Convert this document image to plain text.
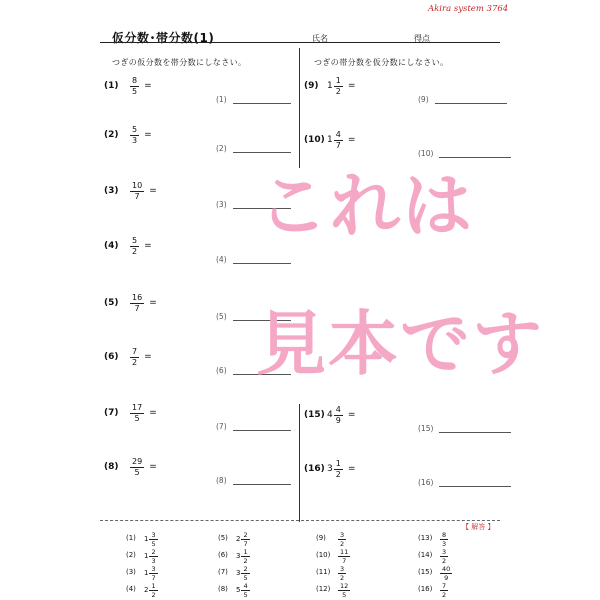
Akira system 3764
仮分数･帯分数(1)	氏名	得点
つぎの仮分数を帯分数にしなさい。	つぎの帯分数を仮分数にしなさい。
$(1) \frac{8}{5}$ =
(1)
$(2) \frac{5}{3}$ =
(2)
$(3) \frac{10}{7}$ =
(3)
$(4) \frac{5}{2}$ =
(4)
$(5) \frac{16}{7}$ =
(5)
$(6) \frac{7}{2}$ =
(6)
$(7) \frac{17}{5}$ =
(7)
$(8) \frac{29}{5}$ =
(8)
(9) $1 \frac{1}{2}$ =
(9)
(10) $1 \frac{4}{7}$ =
(10)
(15) $4 \frac{4}{9}$ =
(15)
(16) $3 \frac{1}{2}$ =
(16)
これは
見本です
【 解答 】
(1) $1 \frac{3}{5}$
(2) $1 \frac{2}{3}$
(3) $1 \frac{3}{7}$
(4) $2 \frac{1}{2}$
(5) $2 \frac{2}{7}$
(6) $3 \frac{1}{2}$
(7) $3 \frac{2}{5}$
(8) $5 \frac{4}{5}$
$(9) \frac{3}{2}$
$(10) \frac{11}{7}$
$(11) \frac{3}{2}$
$(12) \frac{12}{5}$
$(13) \frac{8}{3}$
$(14) \frac{3}{2}$
$(15) \frac{40}{9}$
$(16) \frac{7}{2}$
